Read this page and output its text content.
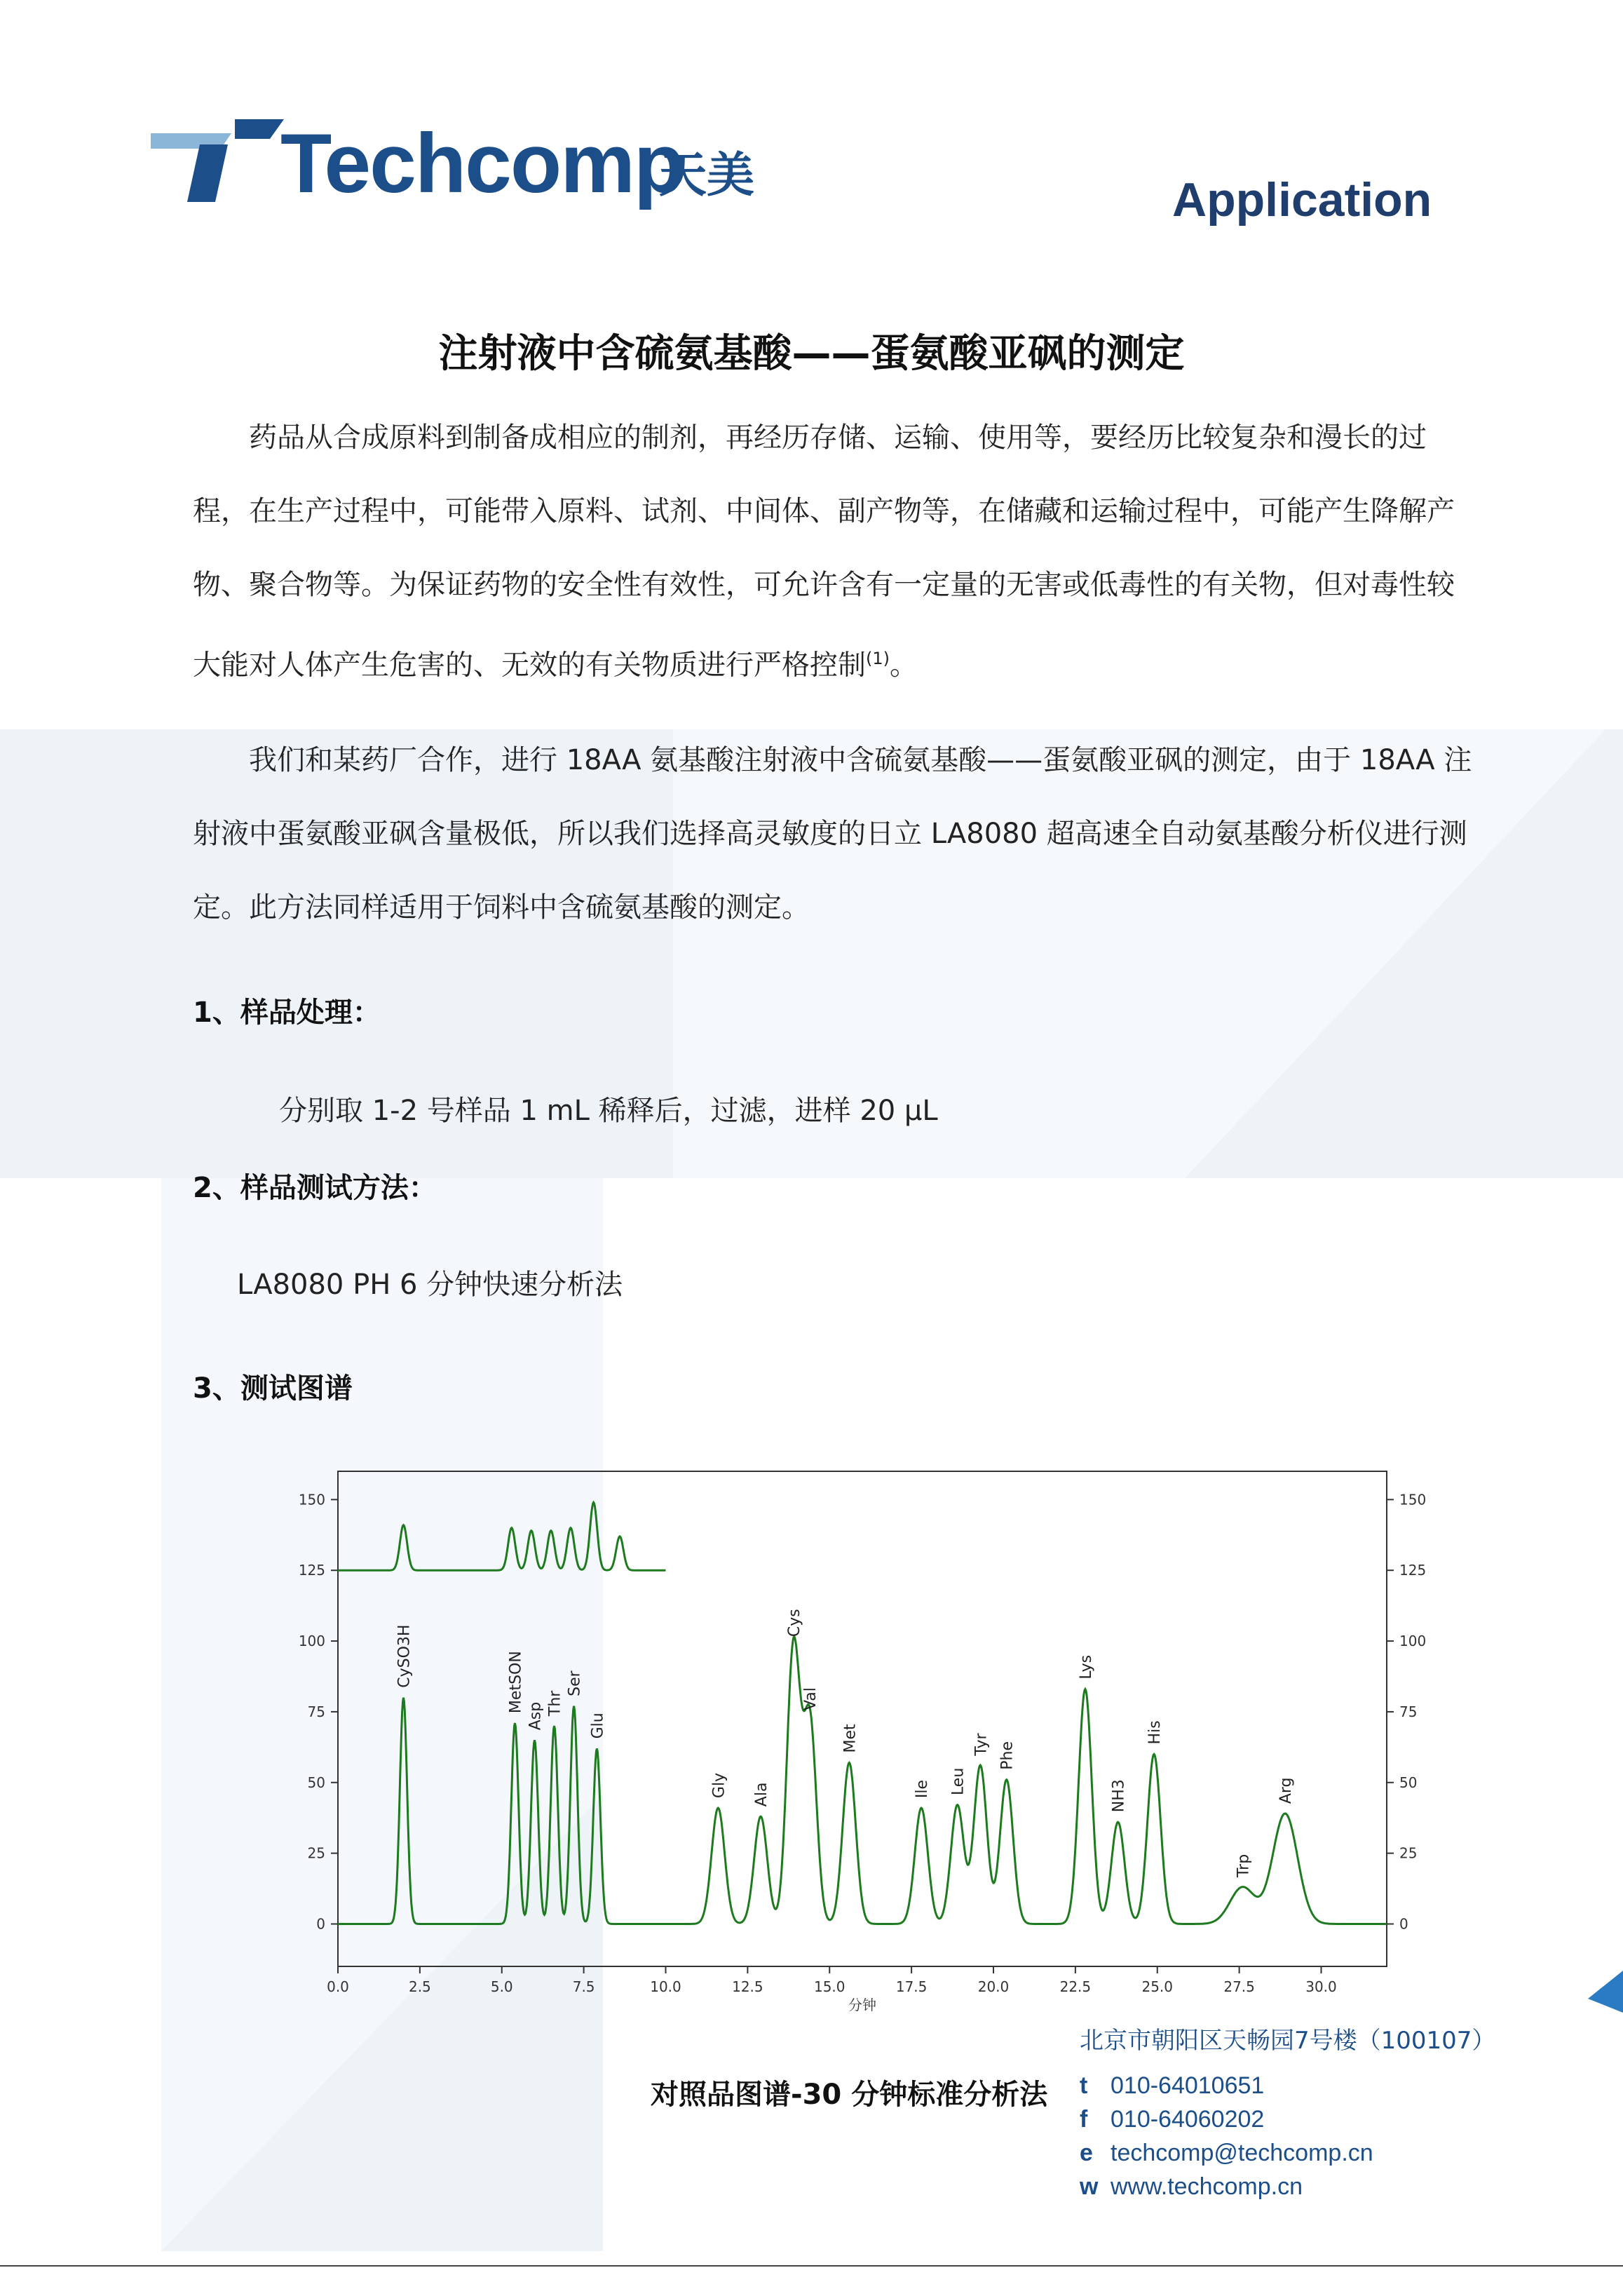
Techcomp
天美	Application
注射液中含硫氨基酸——蛋氨酸亚砜的测定
药品从合成原料到制备成相应的制剂，再经历存储、运输、使用等，要经历比较复杂和漫长的过
程，在生产过程中，可能带入原料、试剂、中间体、副产物等，在储藏和运输过程中，可能产生降解产
物、聚合物等。为保证药物的安全性有效性，可允许含有一定量的无害或低毒性的有关物，但对毒性较
大能对人体产生危害的、无效的有关物质进行严格控制$^{(1)}$。
我们和某药厂合作，进行 18AA 氨基酸注射液中含硫氨基酸——蛋氨酸亚砜的测定，由于 18AA 注
射液中蛋氨酸亚砜含量极低，所以我们选择高灵敏度的日立 LA8080 超高速全自动氨基酸分析仪进行测
定。此方法同样适用于饲料中含硫氨基酸的测定。
1、样品处理：
分别取 1-2 号样品 1 mL 稀释后，过滤，进样 20 μL
2、样品测试方法：
LA8080 PH 6 分钟快速分析法
3、测试图谱
0.0	2.5	5.0	7.5	10.0	12.5	15.0	17.5	20.0	22.5	25.0	27.5	30.0
0	0
25	25
50	50
75	75
100	100
125	125
150	150
分钟
CySO3H	MetSON
Asp Thr
Ser
Glu
Gly Ala
Cys
Val
Met
Ile Leu
Tyr Phe
Lys
NH3
His
Trp
Arg
对照品图谱-30 分钟标准分析法
北京市朝阳区天畅园7号楼（100107）
t 010-64010651
f 010-64060202
e techcomp@techcomp.cn
w www.techcomp.cn
